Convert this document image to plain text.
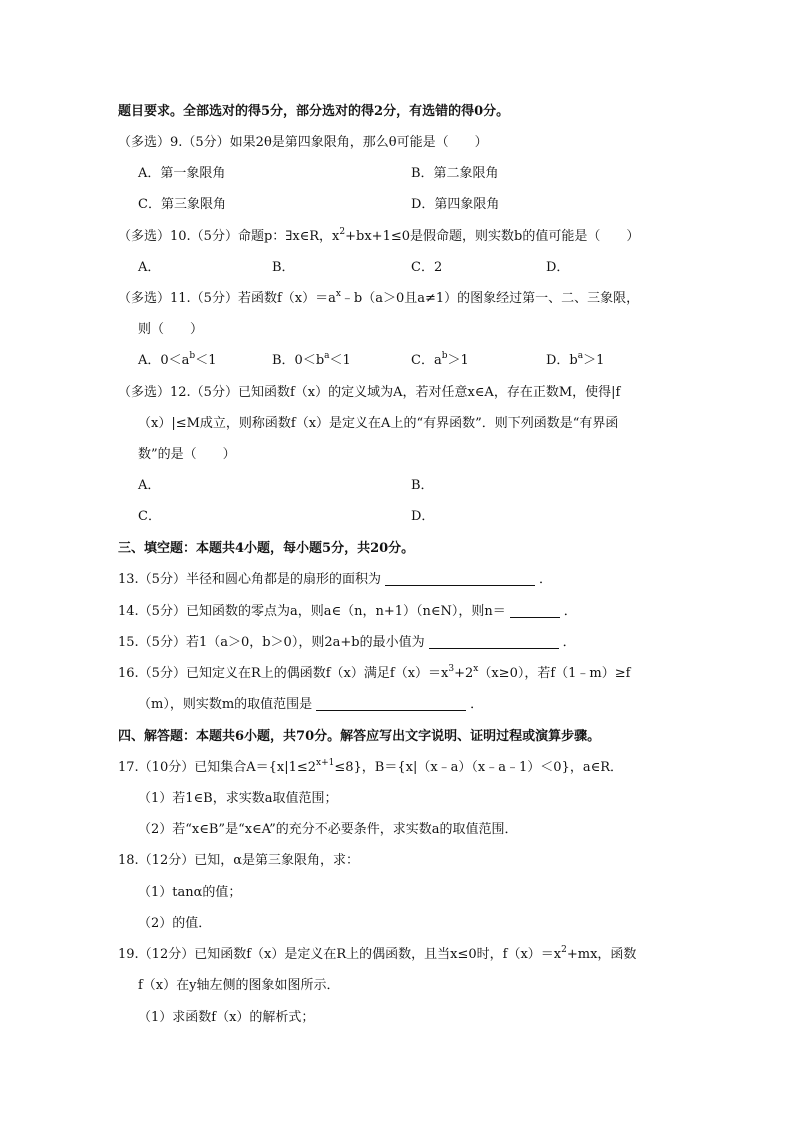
题目要求。全部选对的得5分，部分选对的得2分，有选错的得0分。
（多选）9.（5分）如果2θ是第四象限角，那么θ可能是（　　）
A．第一象限角	B．第二象限角
C．第三象限角	D．第四象限角
（多选）10.（5分）命题p：∃x∈R，$x^2+bx+1\le 0$是假命题，则实数b的值可能是（　　）
A．	B．	C．2	D．
（多选）11.（5分）若函数$f(x)=a^x﹣b(a>0$且a≠1）的图象经过第一、二、三象限，
则（　　）
A．$0<a^b<1$	B．$0<b^a<1$	C．$a^b>1$	D．$b^a>1$
（多选）12.（5分）已知函数f（x）的定义域为A，若对任意x∈A，存在正数M，使得|f
（x）|≤M成立，则称函数f（x）是定义在A上的“有界函数”．则下列函数是“有界函
数”的是（　　）
A．	B．
C．	D．
三、填空题：本题共4小题，每小题5分，共20分。
13.（5分）半径和圆心角都是的扇形的面积为	．
14.（5分）已知函数的零点为a，则a∈（n，n+1）（n∈N），则n＝	．
15.（5分）若1（a＞0，b＞0），则2a+b的最小值为	．
16.（5分）已知定义在R上的偶函数f（x）满足$f(x)=x^3+2^x(x\ge 0)$，若f（1﹣m）≥f
（m），则实数m的取值范围是	．
四、解答题：本题共6小题，共70分。解答应写出文字说明、证明过程或演算步骤。
17.（10分）已知集合$A=\{x|1\le 2^{x+1}\le 8\}$，B＝{x|（x﹣a）（x﹣a﹣1）＜0}，a∈R．
（1）若1∈B，求实数a取值范围；
（2）若“x∈B”是“x∈A”的充分不必要条件，求实数a的取值范围．
18.（12分）已知，α是第三象限角，求：
（1）tanα的值；
（2）的值．
19.（12分）已知函数f（x）是定义在R上的偶函数，且当x≤0时，$f(x)=x^2+mx$，函数
f（x）在y轴左侧的图象如图所示．
（1）求函数f（x）的解析式；
